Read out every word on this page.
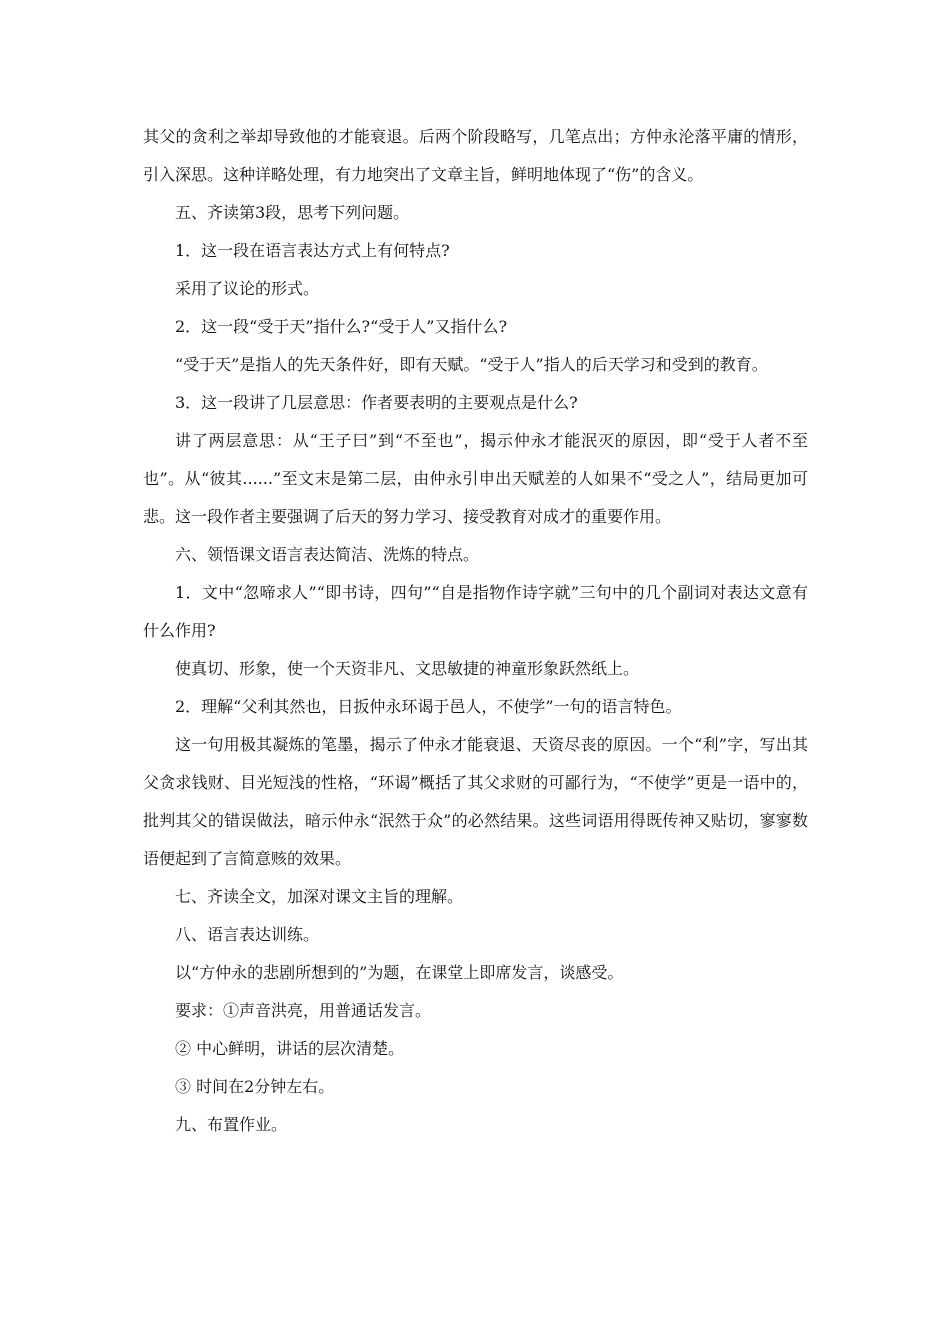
其父的贪利之举却导致他的才能衰退。后两个阶段略写，几笔点出；方仲永沦落平庸的情形，引入深思。这种详略处理，有力地突出了文章主旨，鲜明地体现了“伤”的含义。

五、齐读第3段，思考下列问题。

1．这一段在语言表达方式上有何特点?

采用了议论的形式。

2．这一段“受于天”指什么?“受于人”又指什么?

“受于天”是指人的先天条件好，即有天赋。“受于人”指人的后天学习和受到的教育。

3．这一段讲了几层意思：作者要表明的主要观点是什么?

讲了两层意思：从“王子曰”到“不至也”，揭示仲永才能泯灭的原因，即“受于人者不至也”。从“彼其......”至文末是第二层，由仲永引申出天赋差的人如果不“受之人”，结局更加可悲。这一段作者主要强调了后天的努力学习、接受教育对成才的重要作用。

六、领悟课文语言表达简洁、洗炼的特点。

1．文中“忽啼求人”“即书诗，四句”“自是指物作诗字就”三句中的几个副词对表达文意有什么作用?

使真切、形象，使一个天资非凡、文思敏捷的神童形象跃然纸上。

2．理解“父利其然也，日扳仲永环谒于邑人，不使学”一句的语言特色。

这一句用极其凝炼的笔墨，揭示了仲永才能衰退、天资尽丧的原因。一个“利”字，写出其父贪求钱财、目光短浅的性格，“环谒”概括了其父求财的可鄙行为，“不使学”更是一语中的，批判其父的错误做法，暗示仲永“泯然于众”的必然结果。这些词语用得既传神又贴切，寥寥数语便起到了言简意赅的效果。

七、齐读全文，加深对课文主旨的理解。

八、语言表达训练。

以“方仲永的悲剧所想到的”为题，在课堂上即席发言，谈感受。

要求：①声音洪亮，用普通话发言。

② 中心鲜明，讲话的层次清楚。

③ 时间在2分钟左右。

九、布置作业。
